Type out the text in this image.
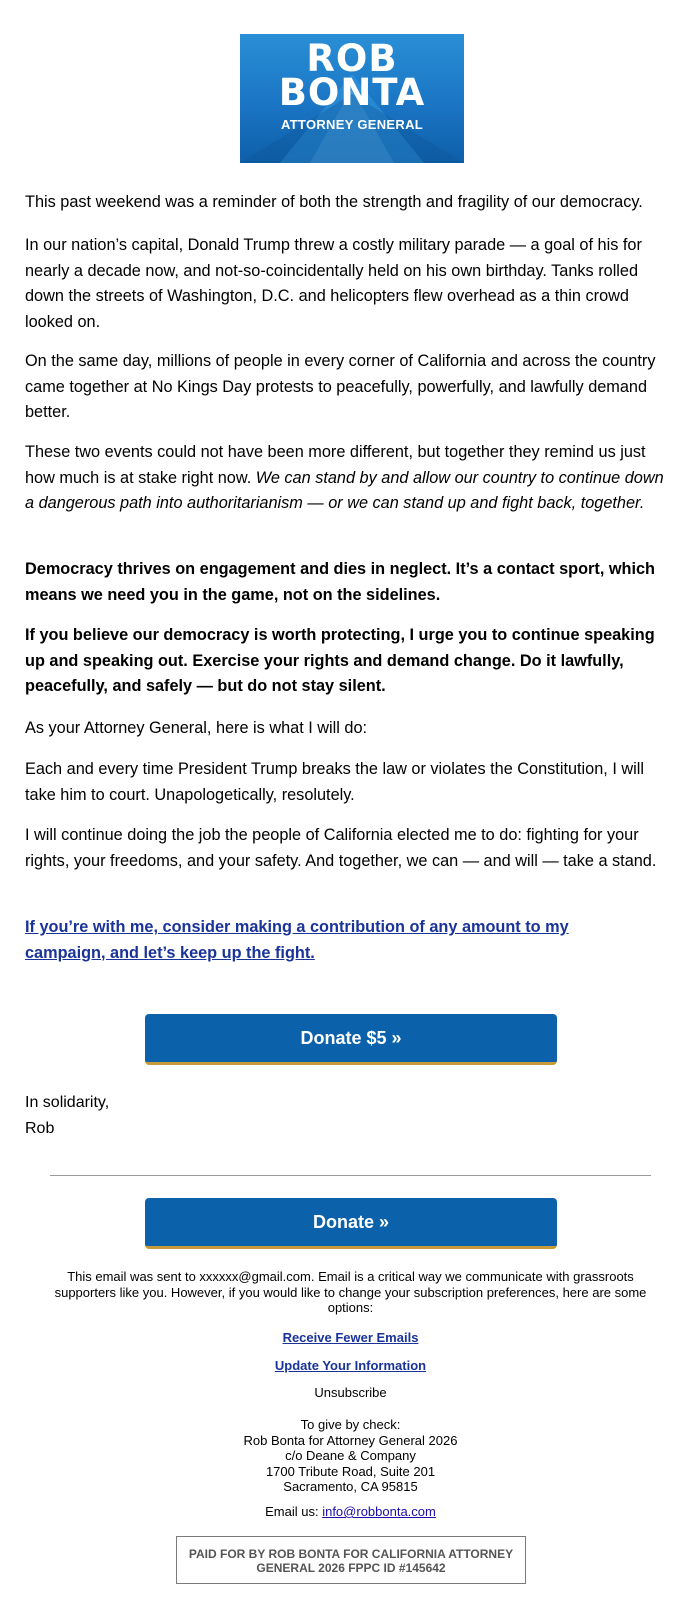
ROB
BONTA
ATTORNEY GENERAL

This past weekend was a reminder of both the strength and fragility of our democracy.

In our nation’s capital, Donald Trump threw a costly military parade — a goal of his for nearly a decade now, and not-so-coincidentally held on his own birthday. Tanks rolled down the streets of Washington, D.C. and helicopters flew overhead as a thin crowd looked on.

On the same day, millions of people in every corner of California and across the country came together at No Kings Day protests to peacefully, powerfully, and lawfully demand better.

These two events could not have been more different, but together they remind us just how much is at stake right now. We can stand by and allow our country to continue down a dangerous path into authoritarianism — or we can stand up and fight back, together.

Democracy thrives on engagement and dies in neglect. It’s a contact sport, which means we need you in the game, not on the sidelines.

If you believe our democracy is worth protecting, I urge you to continue speaking up and speaking out. Exercise your rights and demand change. Do it lawfully, peacefully, and safely — but do not stay silent.

As your Attorney General, here is what I will do:

Each and every time President Trump breaks the law or violates the Constitution, I will take him to court. Unapologetically, resolutely.

I will continue doing the job the people of California elected me to do: fighting for your rights, your freedoms, and your safety. And together, we can — and will — take a stand.

If you’re with me, consider making a contribution of any amount to my campaign, and let’s keep up the fight.
Donate $5 »
In solidarity,
Rob
Donate »
This email was sent to xxxxxx@gmail.com. Email is a critical way we communicate with grassroots supporters like you. However, if you would like to change your subscription preferences, here are some options:
Receive Fewer Emails
Update Your Information
Unsubscribe
To give by check:
Rob Bonta for Attorney General 2026
c/o Deane & Company
1700 Tribute Road, Suite 201
Sacramento, CA 95815
Email us: info@robbonta.com
PAID FOR BY ROB BONTA FOR CALIFORNIA ATTORNEY GENERAL 2026 FPPC ID #145642
